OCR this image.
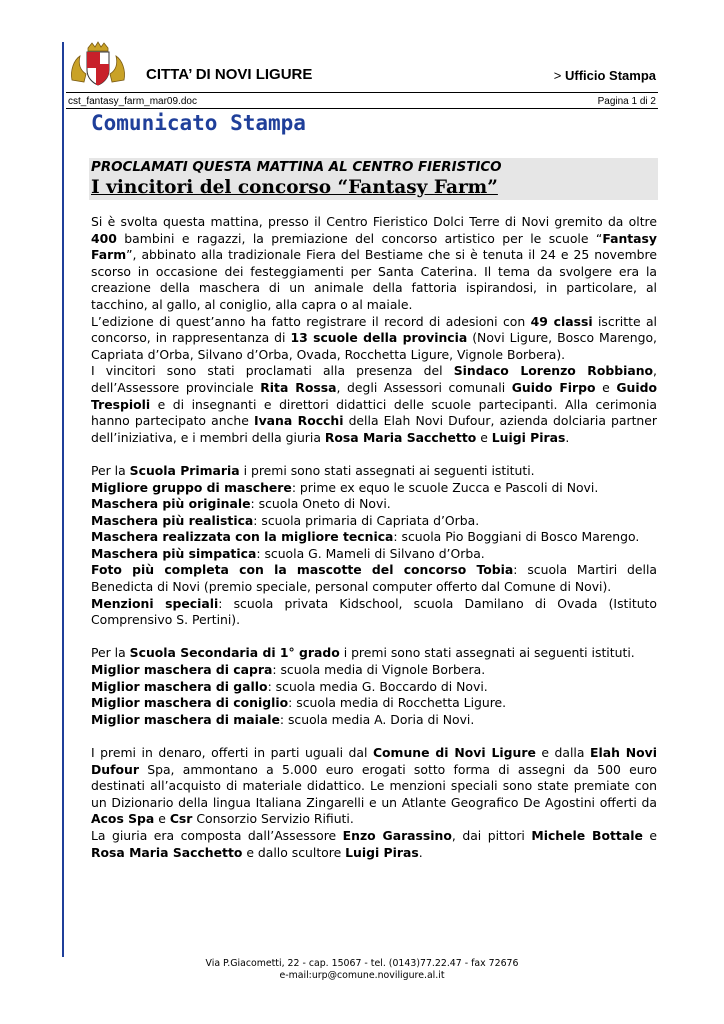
CITTA’ DI NOVI LIGURE	> Ufficio Stampa
cst_fantasy_farm_mar09.doc	Pagina 1 di 2
Comunicato Stampa
PROCLAMATI QUESTA MATTINA AL CENTRO FIERISTICO
I vincitori del concorso “Fantasy Farm”

Si è svolta questa mattina, presso il Centro Fieristico Dolci Terre di Novi gremito da oltre 400 bambini e ragazzi, la premiazione del concorso artistico per le scuole “Fantasy Farm”, abbinato alla tradizionale Fiera del Bestiame che si è tenuta il 24 e 25 novembre scorso in occasione dei festeggiamenti per Santa Caterina. Il tema da svolgere era la creazione della maschera di un animale della fattoria ispirandosi, in particolare, al tacchino, al gallo, al coniglio, alla capra o al maiale.

L’edizione di quest’anno ha fatto registrare il record di adesioni con 49 classi iscritte al concorso, in rappresentanza di 13 scuole della provincia (Novi Ligure, Bosco Marengo, Capriata d’Orba, Silvano d’Orba, Ovada, Rocchetta Ligure, Vignole Borbera).

I vincitori sono stati proclamati alla presenza del Sindaco Lorenzo Robbiano, dell’Assessore provinciale Rita Rossa, degli Assessori comunali Guido Firpo e Guido Trespioli e di insegnanti e direttori didattici delle scuole partecipanti. Alla cerimonia hanno partecipato anche Ivana Rocchi della Elah Novi Dufour, azienda dolciaria partner dell’iniziativa, e i membri della giuria Rosa Maria Sacchetto e Luigi Piras.

Per la Scuola Primaria i premi sono stati assegnati ai seguenti istituti.

Migliore gruppo di maschere: prime ex equo le scuole Zucca e Pascoli di Novi.

Maschera più originale: scuola Oneto di Novi.

Maschera più realistica: scuola primaria di Capriata d’Orba.

Maschera realizzata con la migliore tecnica: scuola Pio Boggiani di Bosco Marengo.

Maschera più simpatica: scuola G. Mameli di Silvano d’Orba.

Foto più completa con la mascotte del concorso Tobia: scuola Martiri della Benedicta di Novi (premio speciale, personal computer offerto dal Comune di Novi).

Menzioni speciali: scuola privata Kidschool, scuola Damilano di Ovada (Istituto Comprensivo S. Pertini).

Per la Scuola Secondaria di 1° grado i premi sono stati assegnati ai seguenti istituti.

Miglior maschera di capra: scuola media di Vignole Borbera.

Miglior maschera di gallo: scuola media G. Boccardo di Novi.

Miglior maschera di coniglio: scuola media di Rocchetta Ligure.

Miglior maschera di maiale: scuola media A. Doria di Novi.

I premi in denaro, offerti in parti uguali dal Comune di Novi Ligure e dalla Elah Novi Dufour Spa, ammontano a 5.000 euro erogati sotto forma di assegni da 500 euro destinati all’acquisto di materiale didattico. Le menzioni speciali sono state premiate con un Dizionario della lingua Italiana Zingarelli e un Atlante Geografico De Agostini offerti da Acos Spa e Csr Consorzio Servizio Rifiuti.

La giuria era composta dall’Assessore Enzo Garassino, dai pittori Michele Bottale e Rosa Maria Sacchetto e dallo scultore Luigi Piras.

Via P.Giacometti, 22 - cap. 15067 - tel. (0143)77.22.47 - fax 72676
e-mail:urp@comune.noviligure.al.it
